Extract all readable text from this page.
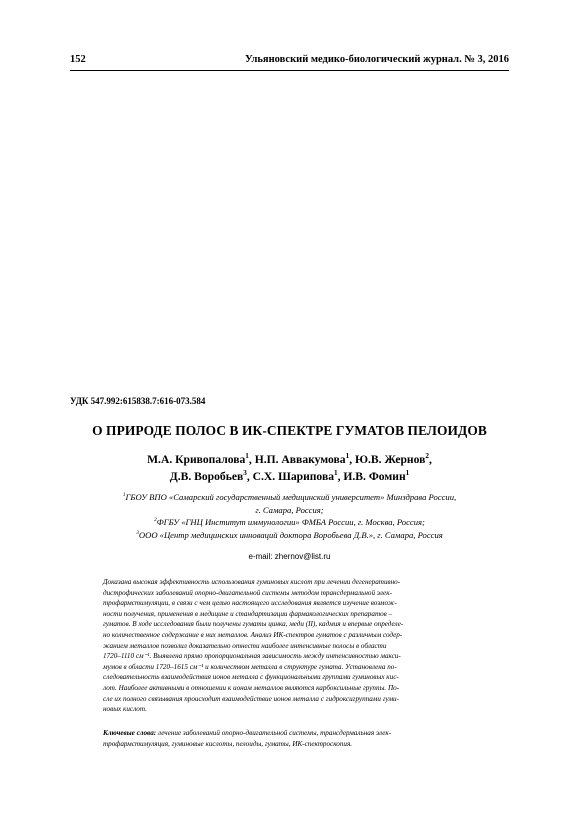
152	Ульяновский медико-биологический журнал. № 3, 2016
УДК 547.992:615838.7:616-073.584
О ПРИРОДЕ ПОЛОС В ИК-СПЕКТРЕ ГУМАТОВ ПЕЛОИДОВ
М.А. Кривопалова$^1$, Н.П. Аввакумова$^1$, Ю.В. Жернов$^2$,
Д.В. Воробьев$^3$, С.Х. Шарипова$^1$, И.В. Фомин$^1$
$^1$ГБОУ ВПО «Самарский государственный медицинский университет» Минздрава России,
г. Самара, Россия;
$^2$ФГБУ «ГНЦ Институт иммунологии» ФМБА России, г. Москва, Россия;
$^3$ООО «Центр медицинских инноваций доктора Воробьева Д.В.», г. Самара, Россия
e-mail: zhernov@list.ru
Доказана высокая эффективность использования гуминовых кислот при лечении дегенеративно-
дистрофических заболеваний опорно-двигательной системы методом трансдермальной элек-
трофармстимуляции, в связи с чем целью настоящего исследования является изучение возмож-
ности получения, применения в медицине и стандартизации фармакологических препаратов –
гуматов. В ходе исследования были получены гуматы цинка, меди (II), кадмия и впервые определе-
но количественное содержание в них металлов. Анализ ИК-спектров гуматов с различным содер-
жанием металлов позволил доказательно отнести наиболее интенсивные полосы в области
1720–1110 см⁻¹. Выявлена прямо пропорциональная зависимость между интенсивностью макси-
мумов в области 1720–1615 см⁻¹ и количеством металла в структуре гумата. Установлена по-
следовательность взаимодействия ионов металла с функциональными группами гуминовых кис-
лот. Наиболее активными в отношении к ионам металлов являются карбоксильные группы. По-
сле их полного связывания происходит взаимодействие ионов металла с гидроксигруппами гуми-
новых кислот.
Ключевые слова: лечение заболеваний опорно-двигательной системы, трансдермальная элек-
трофармстимуляция, гуминовые кислоты, пелоиды, гуматы, ИК-спектроскопия.
